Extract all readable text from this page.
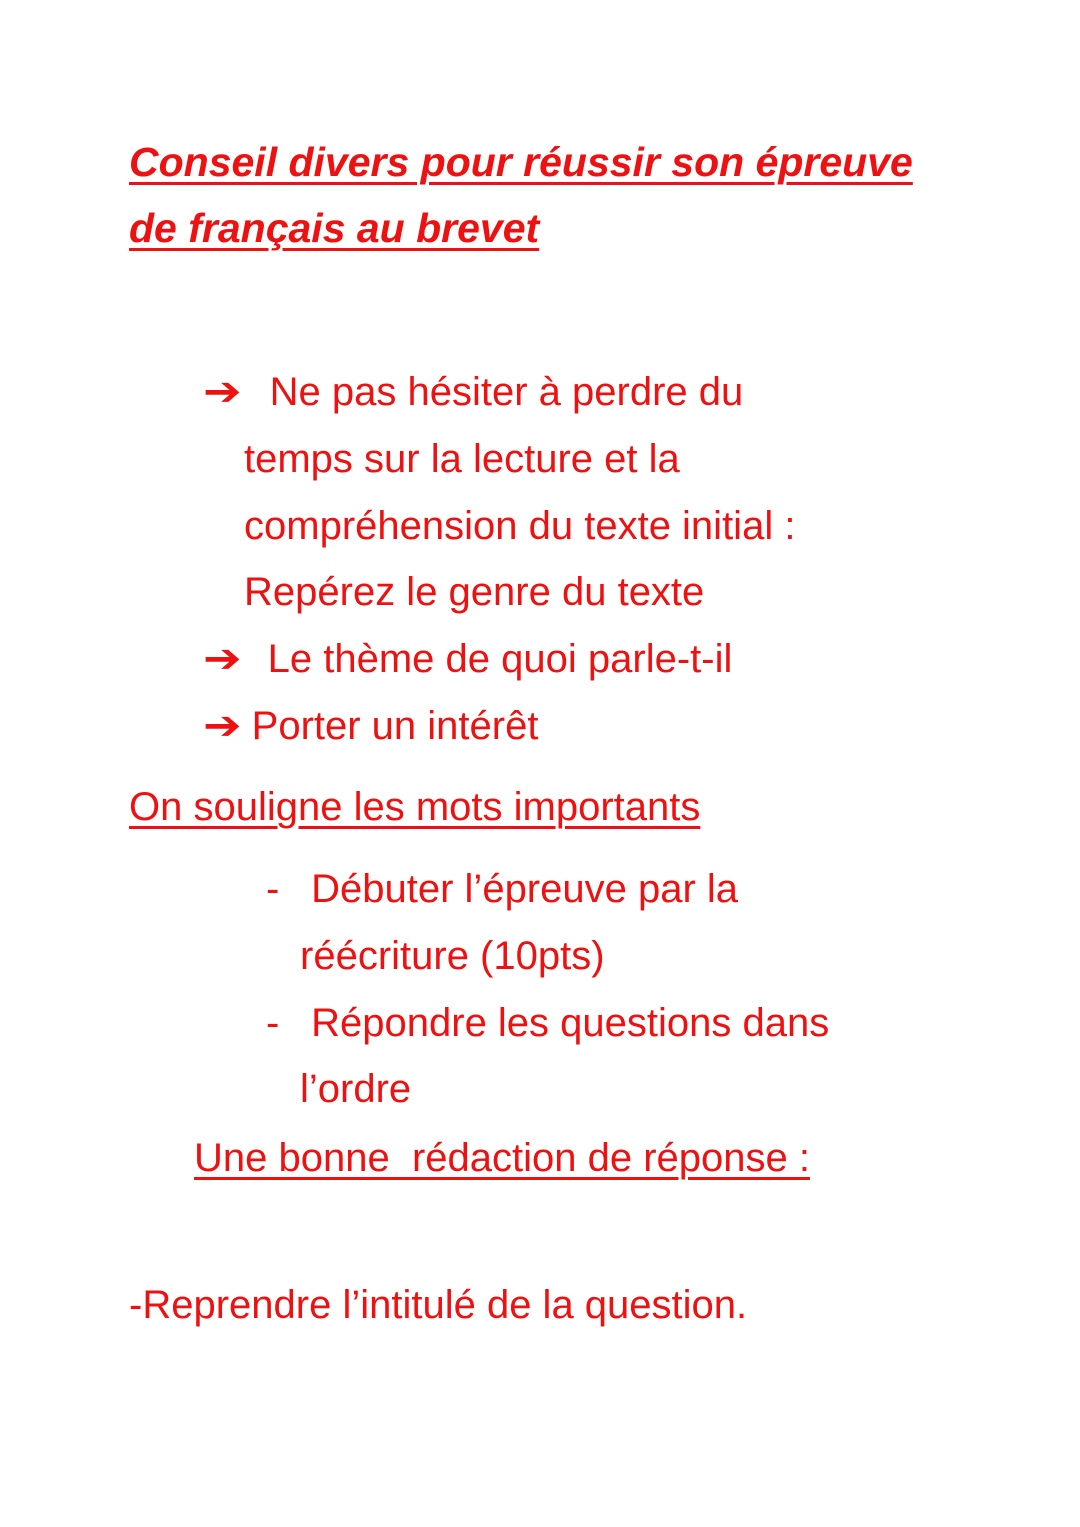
Conseil divers pour réussir son épreuve
de français au brevet
➔ Ne pas hésiter à perdre du
temps sur la lecture et la
compréhension du texte initial :
Repérez le genre du texte
➔ Le thème de quoi parle-t-il
➔ Porter un intérêt
On souligne les mots importants
- Débuter l’épreuve par la
réécriture (10pts)
- Répondre les questions dans
l’ordre
Une bonne  rédaction de réponse :
-Reprendre l’intitulé de la question.
